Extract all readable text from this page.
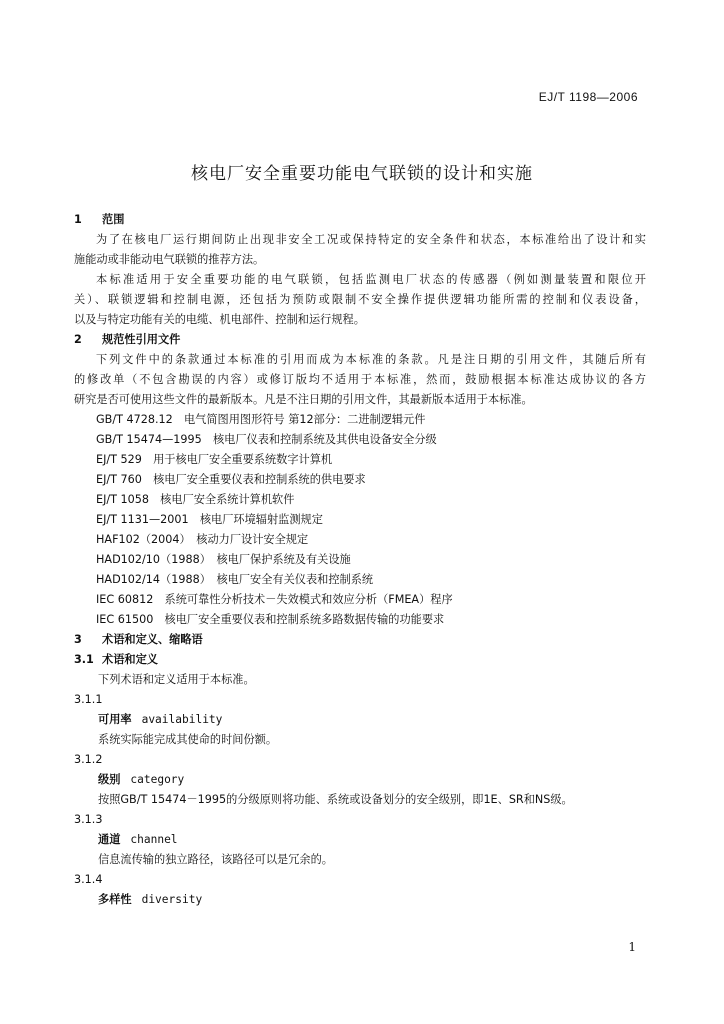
EJ/T 1198—2006
核电厂安全重要功能电气联锁的设计和实施
1 范围
为了在核电厂运行期间防止出现非安全工况或保持特定的安全条件和状态，本标准给出了设计和实
施能动或非能动电气联锁的推荐方法。
本标准适用于安全重要功能的电气联锁，包括监测电厂状态的传感器（例如测量装置和限位开
关）、联锁逻辑和控制电源，还包括为预防或限制不安全操作提供逻辑功能所需的控制和仪表设备，
以及与特定功能有关的电缆、机电部件、控制和运行规程。
2 规范性引用文件
下列文件中的条款通过本标准的引用而成为本标准的条款。凡是注日期的引用文件，其随后所有
的修改单（不包含勘误的内容）或修订版均不适用于本标准，然而，鼓励根据本标准达成协议的各方
研究是否可使用这些文件的最新版本。凡是不注日期的引用文件，其最新版本适用于本标准。
GB/T 4728.12　电气简图用图形符号 第12部分：二进制逻辑元件
GB/T 15474—1995　核电厂仪表和控制系统及其供电设备安全分级
EJ/T 529　用于核电厂安全重要系统数字计算机
EJ/T 760　核电厂安全重要仪表和控制系统的供电要求
EJ/T 1058　核电厂安全系统计算机软件
EJ/T 1131—2001　核电厂环境辐射监测规定
HAF102（2004）　核动力厂设计安全规定
HAD102/10（1988）　核电厂保护系统及有关设施
HAD102/14（1988）　核电厂安全有关仪表和控制系统
IEC 60812　系统可靠性分析技术－失效模式和效应分析（FMEA）程序
IEC 61500　核电厂安全重要仪表和控制系统多路数据传输的功能要求
3 术语和定义、缩略语
3.1 术语和定义
下列术语和定义适用于本标准。
3.1.1
可用率 availability
系统实际能完成其使命的时间份额。
3.1.2
级别 category
按照GB/T 15474－1995的分级原则将功能、系统或设备划分的安全级别，即1E、SR和NS级。
3.1.3
通道 channel
信息流传输的独立路径，该路径可以是冗余的。
3.1.4
多样性 diversity
1
